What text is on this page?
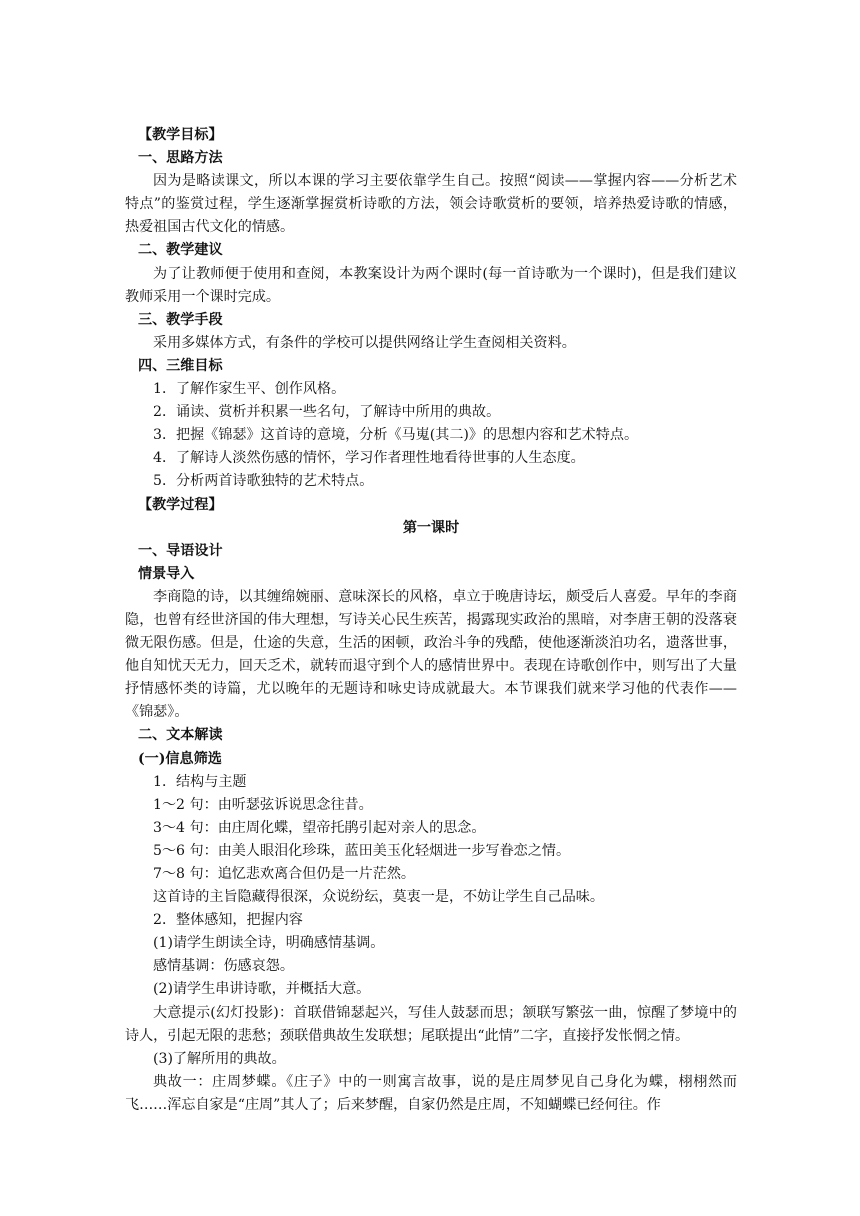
【教学目标】

一、思路方法

因为是略读课文，所以本课的学习主要依靠学生自己。按照“阅读——掌握内容——分析艺术特点”的鉴赏过程，学生逐渐掌握赏析诗歌的方法，领会诗歌赏析的要领，培养热爱诗歌的情感，热爱祖国古代文化的情感。

二、教学建议

为了让教师便于使用和查阅，本教案设计为两个课时(每一首诗歌为一个课时)，但是我们建议教师采用一个课时完成。

三、教学手段

采用多媒体方式，有条件的学校可以提供网络让学生查阅相关资料。

四、三维目标

1．了解作家生平、创作风格。

2．诵读、赏析并积累一些名句，了解诗中所用的典故。

3．把握《锦瑟》这首诗的意境，分析《马嵬(其二)》的思想内容和艺术特点。

4．了解诗人淡然伤感的情怀，学习作者理性地看待世事的人生态度。

5．分析两首诗歌独特的艺术特点。

【教学过程】

第一课时

一、导语设计

情景导入

李商隐的诗，以其缠绵婉丽、意味深长的风格，卓立于晚唐诗坛，颇受后人喜爱。早年的李商隐，也曾有经世济国的伟大理想，写诗关心民生疾苦，揭露现实政治的黑暗，对李唐王朝的没落衰微无限伤感。但是，仕途的失意，生活的困顿，政治斗争的残酷，使他逐渐淡泊功名，遗落世事，他自知忧天无力，回天乏术，就转而退守到个人的感情世界中。表现在诗歌创作中，则写出了大量抒情感怀类的诗篇，尤以晚年的无题诗和咏史诗成就最大。本节课我们就来学习他的代表作——《锦瑟》。

二、文本解读

(一)信息筛选

1．结构与主题

1～2 句：由听瑟弦诉说思念往昔。

3～4 句：由庄周化蝶，望帝托鹃引起对亲人的思念。

5～6 句：由美人眼泪化珍珠，蓝田美玉化轻烟进一步写眷恋之情。

7～8 句：追忆悲欢离合但仍是一片茫然。

这首诗的主旨隐藏得很深，众说纷纭，莫衷一是，不妨让学生自己品味。

2．整体感知，把握内容

(1)请学生朗读全诗，明确感情基调。

感情基调：伤感哀怨。

(2)请学生串讲诗歌，并概括大意。

大意提示(幻灯投影)：首联借锦瑟起兴，写佳人鼓瑟而思；颔联写繁弦一曲，惊醒了梦境中的诗人，引起无限的悲愁；颈联借典故生发联想；尾联提出“此情”二字，直接抒发怅惘之情。

(3)了解所用的典故。

典故一：庄周梦蝶。《庄子》中的一则寓言故事，说的是庄周梦见自己身化为蝶，栩栩然而飞……浑忘自家是“庄周”其人了；后来梦醒，自家仍然是庄周，不知蝴蝶已经何往。作
